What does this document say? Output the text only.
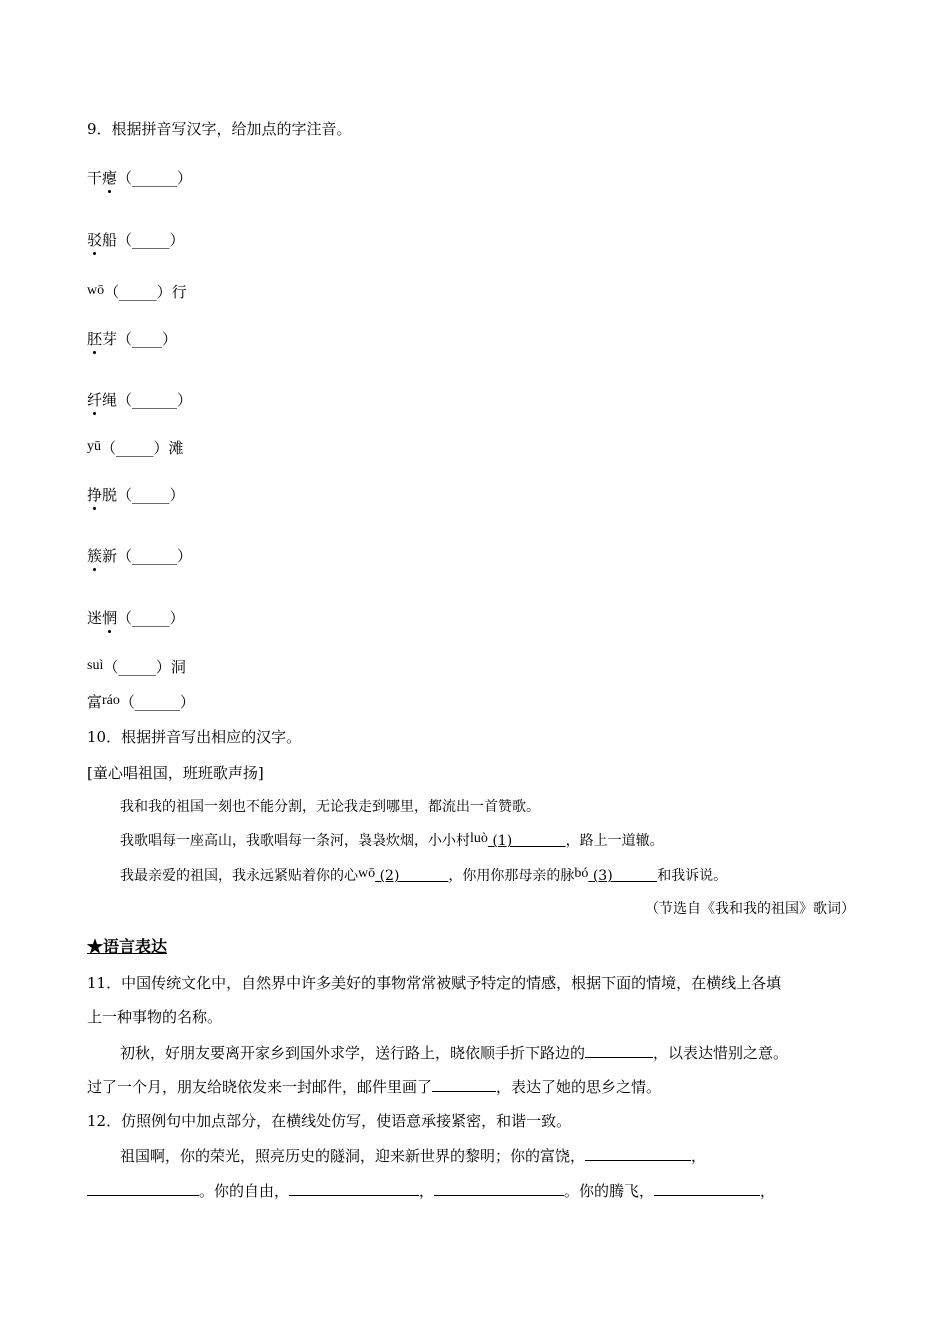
9．根据拼音写汉字，给加点的字注音。
干瘪（______）
驳船（_____）
wō（_____）行
胚芽（____）
纤绳（______）
yū（_____）滩
挣脱（_____）
簇新（______）
迷惘（_____）
suì（_____）洞
富ráo（______）
10．根据拼音写出相应的汉字。
[童心唱祖国，班班歌声扬]
我和我的祖国一刻也不能分割，无论我走到哪里，都流出一首赞歌。
我歌唱每一座高山，我歌唱每一条河，袅袅炊烟，小小村luò (1)	，路上一道辙。
我最亲爱的祖国，我永远紧贴着你的心wō (2)	，你用你那母亲的脉bó (3)	和我诉说。
（节选自《我和我的祖国》歌词）
★语言表达
11．中国传统文化中，自然界中许多美好的事物常常被赋予特定的情感，根据下面的情境，在横线上各填
上一种事物的名称。
初秋，好朋友要离开家乡到国外求学，送行路上，晓依顺手折下路边的	，以表达惜别之意。
过了一个月，朋友给晓依发来一封邮件，邮件里画了	，表达了她的思乡之情。
12．仿照例句中加点部分，在横线处仿写，使语意承接紧密，和谐一致。
祖国啊，你的荣光，照亮历史的隧洞，迎来新世界的黎明；你的富饶，	，
。你的自由，	，	。你的腾飞，	，
